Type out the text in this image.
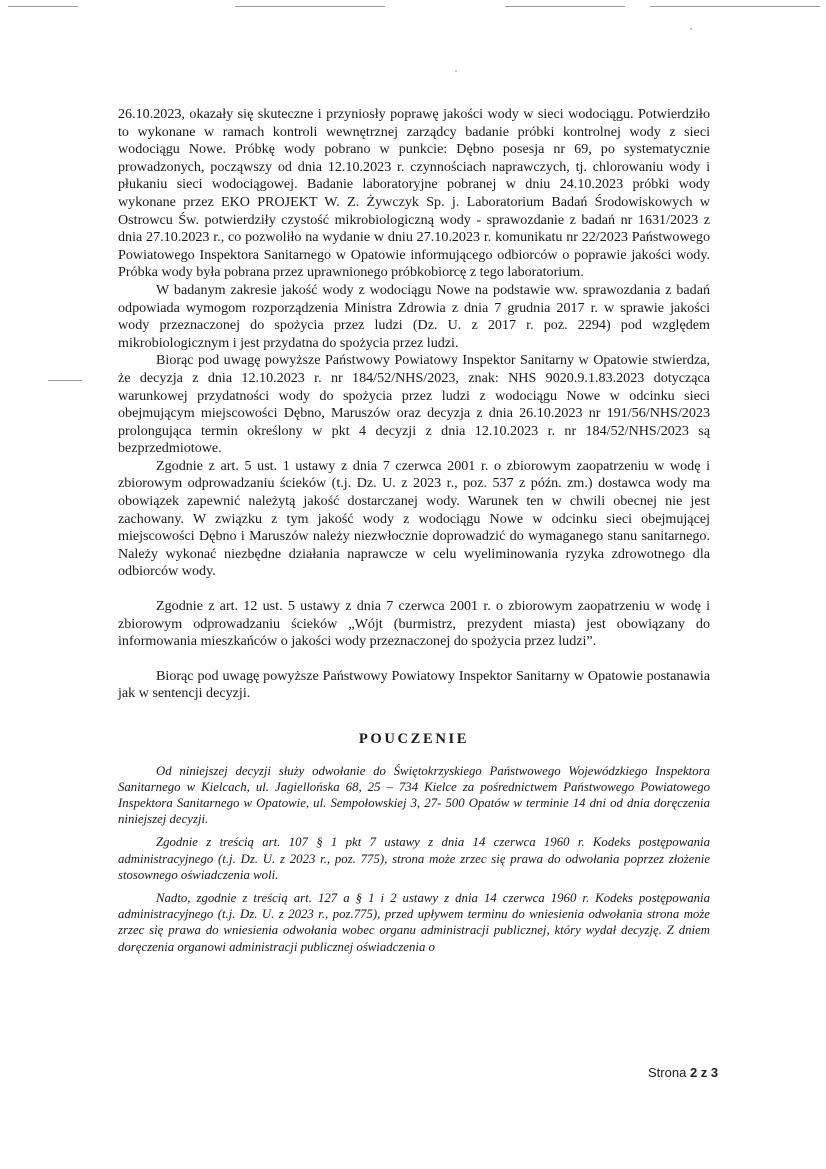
26.10.2023, okazały się skuteczne i przyniosły poprawę jakości wody w sieci wodociągu. Potwierdziło to wykonane w ramach kontroli wewnętrznej zarządcy badanie próbki kontrolnej wody z sieci wodociągu Nowe. Próbkę wody pobrano w punkcie: Dębno posesja nr 69, po systematycznie prowadzonych, począwszy od dnia 12.10.2023 r. czynnościach naprawczych, tj. chlorowaniu wody i płukaniu sieci wodociągowej. Badanie laboratoryjne pobranej w dniu 24.10.2023 próbki wody wykonane przez EKO PROJEKT W. Z. Żywczyk Sp. j. Laboratorium Badań Środowiskowych w Ostrowcu Św. potwierdziły czystość mikrobiologiczną wody - sprawozdanie z badań nr 1631/2023 z dnia 27.10.2023 r., co pozwoliło na wydanie w dniu 27.10.2023 r. komunikatu nr 22/2023 Państwowego Powiatowego Inspektora Sanitarnego w Opatowie informującego odbiorców o poprawie jakości wody. Próbka wody była pobrana przez uprawnionego próbkobiorcę z tego laboratorium.

W badanym zakresie jakość wody z wodociągu Nowe na podstawie ww. sprawozdania z badań odpowiada wymogom rozporządzenia Ministra Zdrowia z dnia 7 grudnia 2017 r. w sprawie jakości wody przeznaczonej do spożycia przez ludzi (Dz. U. z 2017 r. poz. 2294) pod względem mikrobiologicznym i jest przydatna do spożycia przez ludzi.

Biorąc pod uwagę powyższe Państwowy Powiatowy Inspektor Sanitarny w Opatowie stwierdza, że decyzja z dnia 12.10.2023 r. nr 184/52/NHS/2023, znak: NHS 9020.9.1.83.2023 dotycząca warunkowej przydatności wody do spożycia przez ludzi z wodociągu Nowe w odcinku sieci obejmującym miejscowości Dębno, Maruszów oraz decyzja z dnia 26.10.2023 nr 191/56/NHS/2023 prolongująca termin określony w pkt 4 decyzji z dnia 12.10.2023 r. nr 184/52/NHS/2023 są bezprzedmiotowe.

Zgodnie z art. 5 ust. 1 ustawy z dnia 7 czerwca 2001 r. o zbiorowym zaopatrzeniu w wodę i zbiorowym odprowadzaniu ścieków (t.j. Dz. U. z 2023 r., poz. 537 z późn. zm.) dostawca wody ma obowiązek zapewnić należytą jakość dostarczanej wody. Warunek ten w chwili obecnej nie jest zachowany. W związku z tym jakość wody z wodociągu Nowe w odcinku sieci obejmującej miejscowości Dębno i Maruszów należy niezwłocznie doprowadzić do wymaganego stanu sanitarnego. Należy wykonać niezbędne działania naprawcze w celu wyeliminowania ryzyka zdrowotnego dla odbiorców wody.

Zgodnie z art. 12 ust. 5 ustawy z dnia 7 czerwca 2001 r. o zbiorowym zaopatrzeniu w wodę i zbiorowym odprowadzaniu ścieków „Wójt (burmistrz, prezydent miasta) jest obowiązany do informowania mieszkańców o jakości wody przeznaczonej do spożycia przez ludzi”.

Biorąc pod uwagę powyższe Państwowy Powiatowy Inspektor Sanitarny w Opatowie postanawia jak w sentencji decyzji.

POUCZENIE

Od niniejszej decyzji służy odwołanie do Świętokrzyskiego Państwowego Wojewódzkiego Inspektora Sanitarnego w Kielcach, ul. Jagiellońska 68, 25 – 734 Kielce za pośrednictwem Państwowego Powiatowego Inspektora Sanitarnego w Opatowie, ul. Sempołowskiej 3, 27- 500 Opatów w terminie 14 dni od dnia doręczenia niniejszej decyzji.

Zgodnie z treścią art. 107 § 1 pkt 7 ustawy z dnia 14 czerwca 1960 r. Kodeks postępowania administracyjnego (t.j. Dz. U. z 2023 r., poz. 775), strona może zrzec się prawa do odwołania poprzez złożenie stosownego oświadczenia woli.

Nadto, zgodnie z treścią art. 127 a § 1 i 2 ustawy z dnia 14 czerwca 1960 r. Kodeks postępowania administracyjnego (t.j. Dz. U. z 2023 r., poz.775), przed upływem terminu do wniesienia odwołania strona może zrzec się prawa do wniesienia odwołania wobec organu administracji publicznej, który wydał decyzję. Z dniem doręczenia organowi administracji publicznej oświadczenia o

Strona 2 z 3
